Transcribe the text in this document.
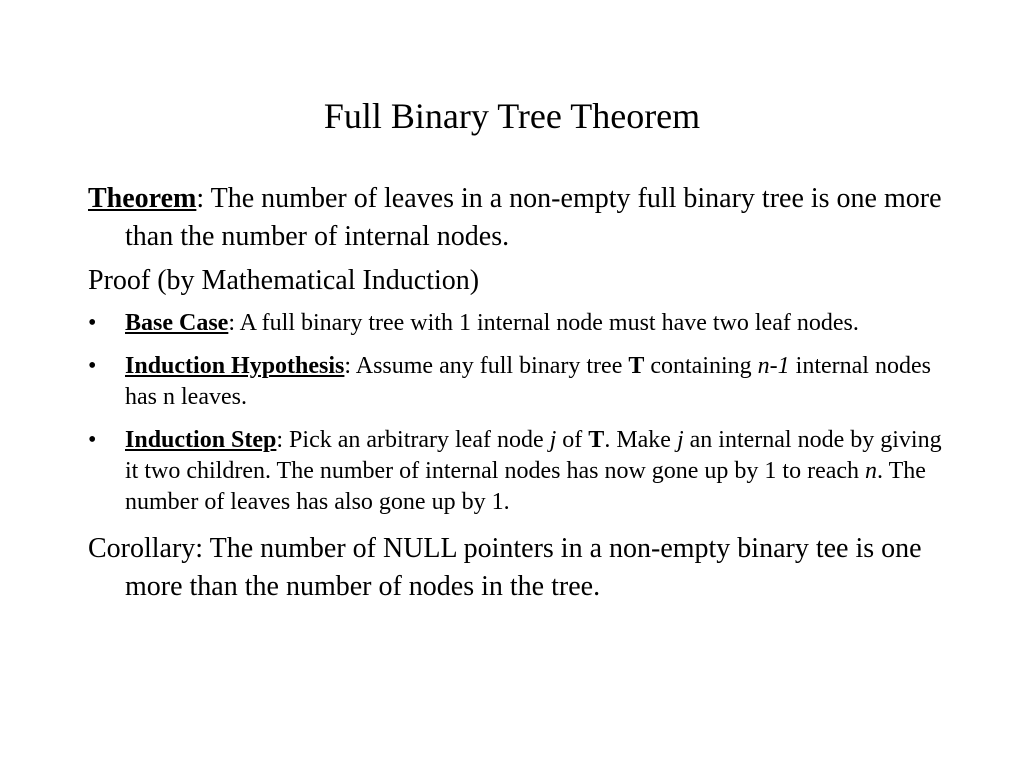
Full Binary Tree Theorem

Theorem: The number of leaves in a non-empty full binary tree is one more than the number of internal nodes.

Proof (by Mathematical Induction)

• Base Case: A full binary tree with 1 internal node must have two leaf nodes.
• Induction Hypothesis: Assume any full binary tree T containing n-1 internal nodes has n leaves.
• Induction Step: Pick an arbitrary leaf node j of T. Make j an internal node by giving it two children. The number of internal nodes has now gone up by 1 to reach n. The number of leaves has also gone up by 1.

Corollary: The number of NULL pointers in a non-empty binary tee is one more than the number of nodes in the tree.
